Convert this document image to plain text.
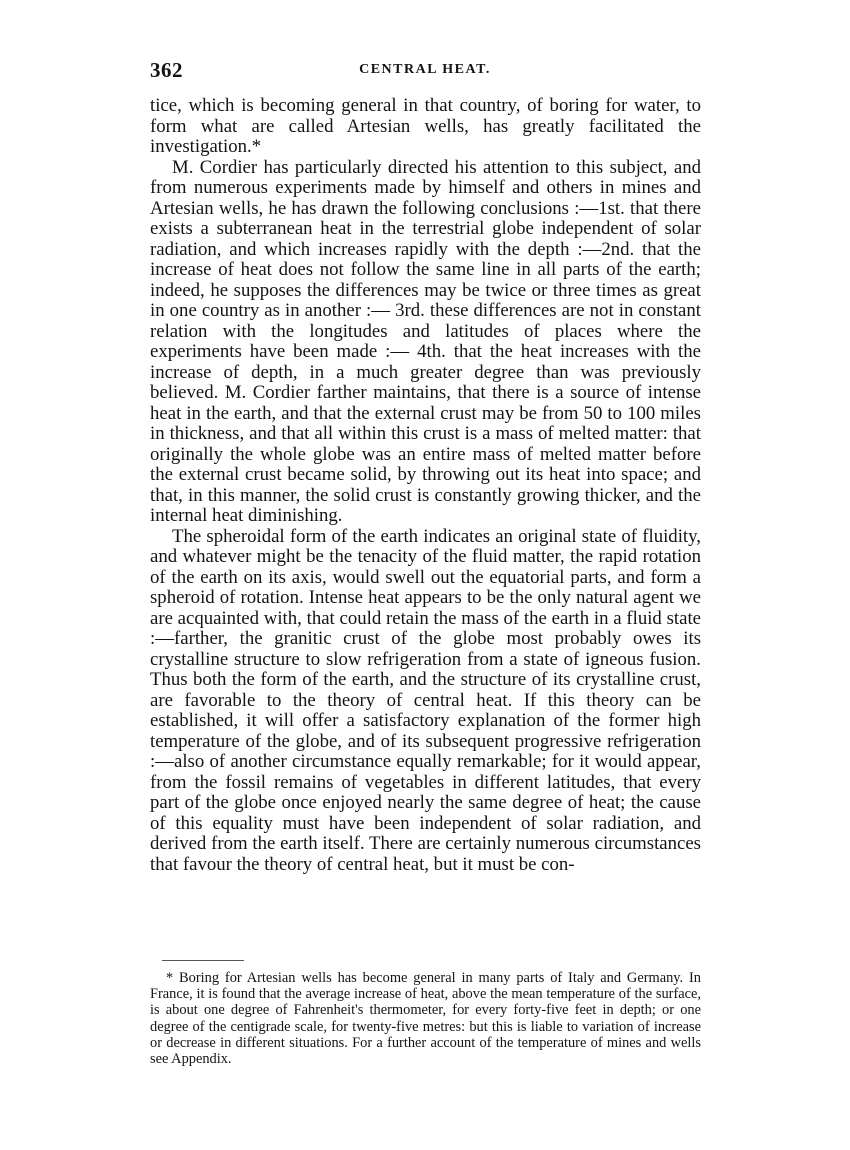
362	CENTRAL HEAT.

tice, which is becoming general in that country, of boring for water, to form what are called Artesian wells, has greatly facilitated the investigation.*

M. Cordier has particularly directed his attention to this subject, and from numerous experiments made by himself and others in mines and Artesian wells, he has drawn the following conclusions :—1st. that there exists a subterranean heat in the terrestrial globe independent of solar radiation, and which increases rapidly with the depth :—2nd. that the increase of heat does not follow the same line in all parts of the earth; indeed, he supposes the differences may be twice or three times as great in one country as in another :— 3rd. these differences are not in constant relation with the longitudes and latitudes of places where the experiments have been made :— 4th. that the heat increases with the increase of depth, in a much greater degree than was previously believed. M. Cordier farther maintains, that there is a source of intense heat in the earth, and that the external crust may be from 50 to 100 miles in thickness, and that all within this crust is a mass of melted matter: that originally the whole globe was an entire mass of melted matter before the external crust became solid, by throwing out its heat into space; and that, in this manner, the solid crust is constantly growing thicker, and the internal heat diminishing.

The spheroidal form of the earth indicates an original state of fluidity, and whatever might be the tenacity of the fluid matter, the rapid rotation of the earth on its axis, would swell out the equatorial parts, and form a spheroid of rotation. Intense heat appears to be the only natural agent we are acquainted with, that could retain the mass of the earth in a fluid state :—farther, the granitic crust of the globe most probably owes its crystalline structure to slow refrigeration from a state of igneous fusion. Thus both the form of the earth, and the structure of its crystalline crust, are favorable to the theory of central heat. If this theory can be established, it will offer a satisfactory explanation of the former high temperature of the globe, and of its subsequent progressive refrigeration :—also of another circumstance equally remarkable; for it would appear, from the fossil remains of vegetables in different latitudes, that every part of the globe once enjoyed nearly the same degree of heat; the cause of this equality must have been independent of solar radiation, and derived from the earth itself. There are certainly numerous circumstances that favour the theory of central heat, but it must be con-

* Boring for Artesian wells has become general in many parts of Italy and Germany. In France, it is found that the average increase of heat, above the mean temperature of the surface, is about one degree of Fahrenheit's thermometer, for every forty-five feet in depth; or one degree of the centigrade scale, for twenty-five metres: but this is liable to variation of increase or decrease in different situations. For a further account of the temperature of mines and wells see Appendix.
